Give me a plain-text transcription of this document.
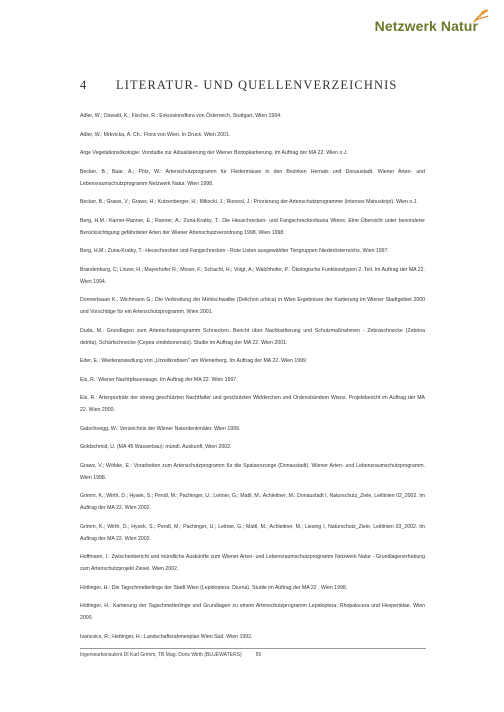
Netzwerk Natur
4 LITERATUR- UND QUELLENVERZEICHNIS

Adler, W.; Oswald, K.; Fischer, R.: Exkursionsflora von Österreich. Stuttgart, Wien 1994.

Adler, W.; Mrkvicka, A. Ch.: Flora von Wien. In Druck. Wien 2001.

Arge Vegetationsökologie: Vorstudie zur Aktualisierung der Wiener Biotopkartierung. Im Auftrag der MA 22. Wien o.J.

Becker, B.; Baar, A.; Pölz, W.: Artenschutzprogramm für Fledermäuse in den Bezirken Hernals und Donaustadt. Wiener Arten- und Lebensraumschutzprogramm Netzwerk Natur. Wien 1998.

Becker, B.; Graws, V.; Graws, H.; Kutzenberger, H.; Mikocki, J.; Rienesl, J.: Priorierung der Artenschutzprogramme (internes Manuskript). Wien o.J.

Berg, H.M.; Karner-Ranner, E.; Ranner, A.; Zuna-Kratky, T.: Die Heuschrecken- und Fangschreckenfauna Wiens. Eine Übersicht unter besonderer Berücksichtigung gefährdeter Arten der Wiener Artenschutzverordnung 1998. Wien 1998.

Berg, H.M.; Zuna-Kratky, T.: Heuschrecken und Fangschrecken - Rote Listen ausgewählter Tiergruppen Niederösterreichs. Wien 1997.

Brandenburg, C; Linzer, H.; Mayerhofer R.; Moser, F.; Schacht, H.; Voigt, A.; Walchhofer, P.: Ökologische Funktionstypen 2. Teil. Im Auftrag der MA 22. Wien 1994.

Donnerbauer K., Wichmann G.: Die Verbreitung der Mehlschwalbe (Delichon urbica) in Wien Ergebnisse der Kartierung im Wiener Stadtgebiet 2000 und Vorschläge für ein Artenschutzprogramm. Wien 2001.

Duda, M.: Grundlagen zum Artenschutzprogramm Schnecken. Bericht über Nachkartierung und Schutzmaßnahmen - Zebraschnecke (Zebrina detrita), Schärfschnecke (Cepea vindobonensis). Studie im Auftrag der MA 22. Wien 2001.

Eder, E.: Wiederansiedlung von „Urzeitkrebsen" am Wienerberg. Im Auftrag der MA 22. Wien 1999

Eis, R.: Wiener Nachtpfauenauge. Im Auftrag der MA 22. Wien 1997.

Eis, R.: Artenporträts der streng geschützten Nachtfalter und geschützten Widderchen und Ordensbändern Wiens. Projektbericht im Auftrag der MA 22. Wien 2000.

Gatschnegg, W.: Verzeichnis der Wiener Naturdenkmäler. Wien 1999.

Goldschmid, U. (MA 45 Wasserbau): mündl. Auskunft, Wien 2002.

Graws, V.; Wöbke, E.: Vorarbeiten zum Artenschutzprogramm für die Spatzenzunge (Donaustadt). Wiener Arten- und Lebensraumschutzprogramm. Wien 1998.

Grimm, K.; Wirth, D.; Hysek, S.; Pendl, M.; Pachinger, U.; Leitner, G.; Mattl, M.; Achleitner, M.: Donaustadt I, Naturschutz_Ziele, Leitlinien 02_2002. Im Auftrag der MA 22. Wien 2002.

Grimm, K.; Wirth, D.; Hysek, S.; Pendl, M.; Pachinger, U.; Leitner, G.; Mattl, M.; Achleitner, M.; Liesing I, Naturschutz_Ziele, Leitlinien 03_2002. Im Auftrag der MA 22. Wien 2002.

Hoffmann, I.: Zwischenbericht und mündliche Auskünfte zum Wiener Arten- und Lebensraumschutzprogramm Netzwerk Natur - Grundlagenerhebung zum Artenschutzprojekt Ziesel. Wien 2002.

Höttinger, H.: Die Tagschmetterlinge der Stadt Wien (Lepidoptera: Diurna). Studie im Auftrag der MA 22 . Wien 1998.

Höttinger, H.: Kartierung der Tagschmetterlinge und Grundlagen zu einem Artenschutzprogramm Lepidoptera: Rhopalocera und Hesperiidae. Wien 2000.

Ivancsics, R.; Hettinger, H.: Landschaftsrahmenplan Wien Süd. Wien 1992.

Ingenieurkonsulent DI Karl Grimm, TB Mag. Doris Wirth (BLUEWATERS)	59
